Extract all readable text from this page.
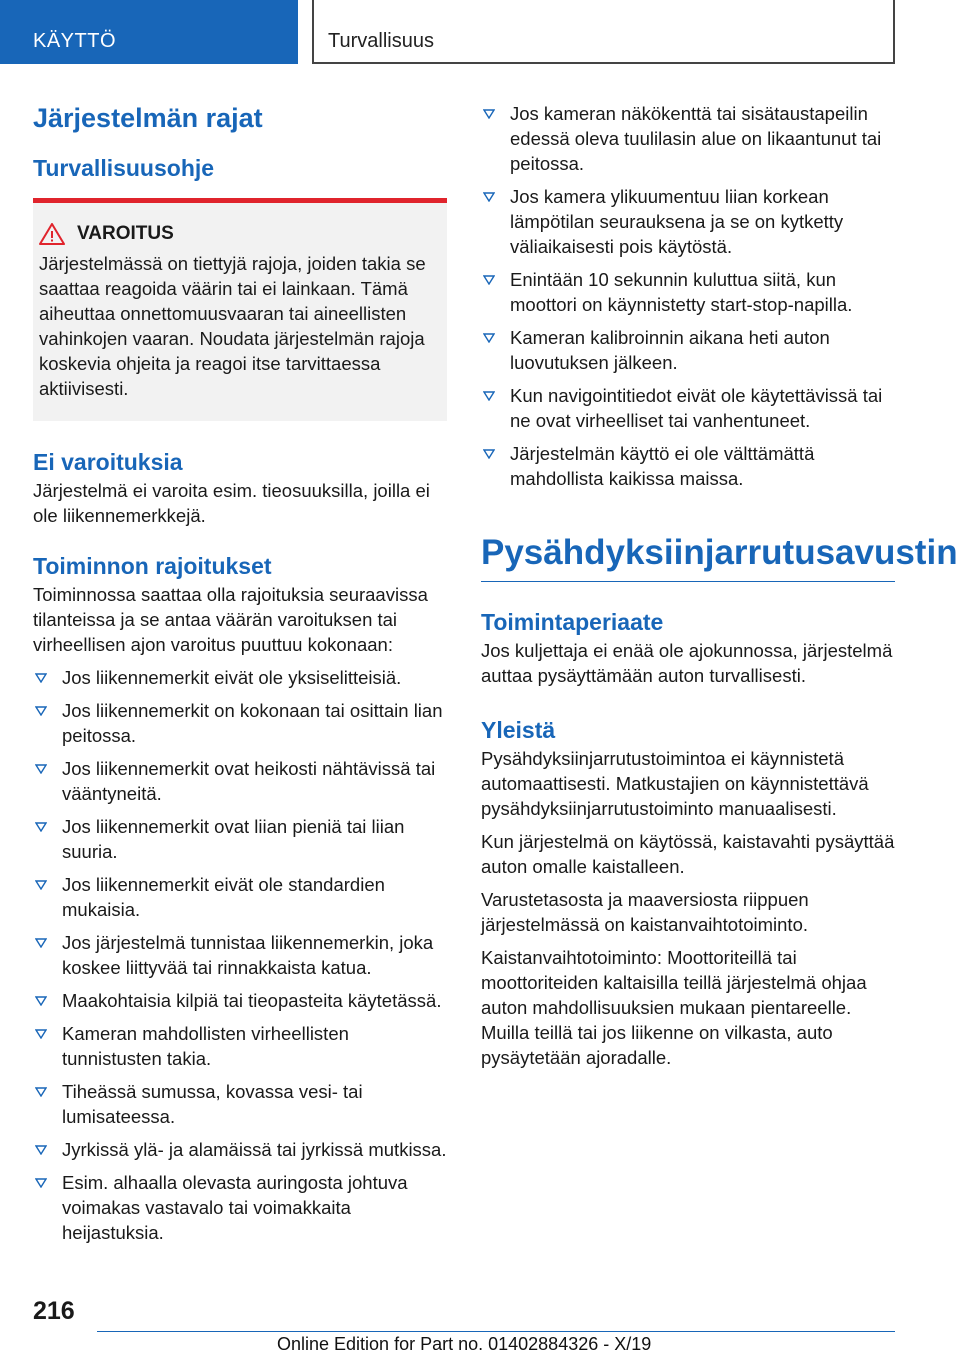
KÄYTTÖ	Turvallisuus
Järjestelmän rajat
Turvallisuusohje
VAROITUS

Järjestelmässä on tiettyjä rajoja, joiden takia se saattaa reagoida väärin tai ei lainkaan. Tämä aiheuttaa onnettomuusvaaran tai aineellisten vahinkojen vaaran. Noudata järjestelmän rajoja koskevia ohjeita ja reagoi itse tarvittaessa aktiivisesti.

Ei varoituksia

Järjestelmä ei varoita esim. tieosuuksilla, joilla ei ole liikennemerkkejä.

Toiminnon rajoitukset

Toiminnossa saattaa olla rajoituksia seuraavissa tilanteissa ja se antaa väärän varoituksen tai virheellisen ajon varoitus puuttuu kokonaan:

Jos liikennemerkit eivät ole yksiselitteisiä.
Jos liikennemerkit on kokonaan tai osittain lian peitossa.
Jos liikennemerkit ovat heikosti nähtävissä tai vääntyneitä.
Jos liikennemerkit ovat liian pieniä tai liian suuria.
Jos liikennemerkit eivät ole standardien mukaisia.
Jos järjestelmä tunnistaa liikennemerkin, joka koskee liittyvää tai rinnakkaista katua.
Maakohtaisia kilpiä tai tieopasteita käytetässä.
Kameran mahdollisten virheellisten tunnistusten takia.
Tiheässä sumussa, kovassa vesi- tai lumisateessa.
Jyrkissä ylä- ja alamäissä tai jyrkissä mutkissa.
Esim. alhaalla olevasta auringosta johtuva voimakas vastavalo tai voimakkaita heijastuksia.
Jos kameran näkökenttä tai sisätaustapeilin edessä oleva tuulilasin alue on likaantunut tai peitossa.
Jos kamera ylikuumentuu liian korkean lämpötilan seurauksena ja se on kytketty väliaikaisesti pois käytöstä.
Enintään 10 sekunnin kuluttua siitä, kun moottori on käynnistetty start-stop-napilla.
Kameran kalibroinnin aikana heti auton luovutuksen jälkeen.
Kun navigointitiedot eivät ole käytettävissä tai ne ovat virheelliset tai vanhentuneet.
Järjestelmän käyttö ei ole välttämättä mahdollista kaikissa maissa.
Pysähdyksiinjarrutusavustin
Toimintaperiaate

Jos kuljettaja ei enää ole ajokunnossa, järjestelmä auttaa pysäyttämään auton turvallisesti.

Yleistä

Pysähdyksiinjarrutustoimintoa ei käynnistetä automaattisesti. Matkustajien on käynnistettävä pysähdyksiinjarrutustoiminto manuaalisesti.

Kun järjestelmä on käytössä, kaistavahti pysäyttää auton omalle kaistalleen.

Varustetasosta ja maaversiosta riippuen järjestelmässä on kaistanvaihtotoiminto.

Kaistanvaihtotoiminto: Moottoriteillä tai moottoriteiden kaltaisilla teillä järjestelmä ohjaa auton mahdollisuuksien mukaan pientareelle. Muilla teillä tai jos liikenne on vilkasta, auto pysäytetään ajoradalle.

216
Online Edition for Part no. 01402884326 - X/19
